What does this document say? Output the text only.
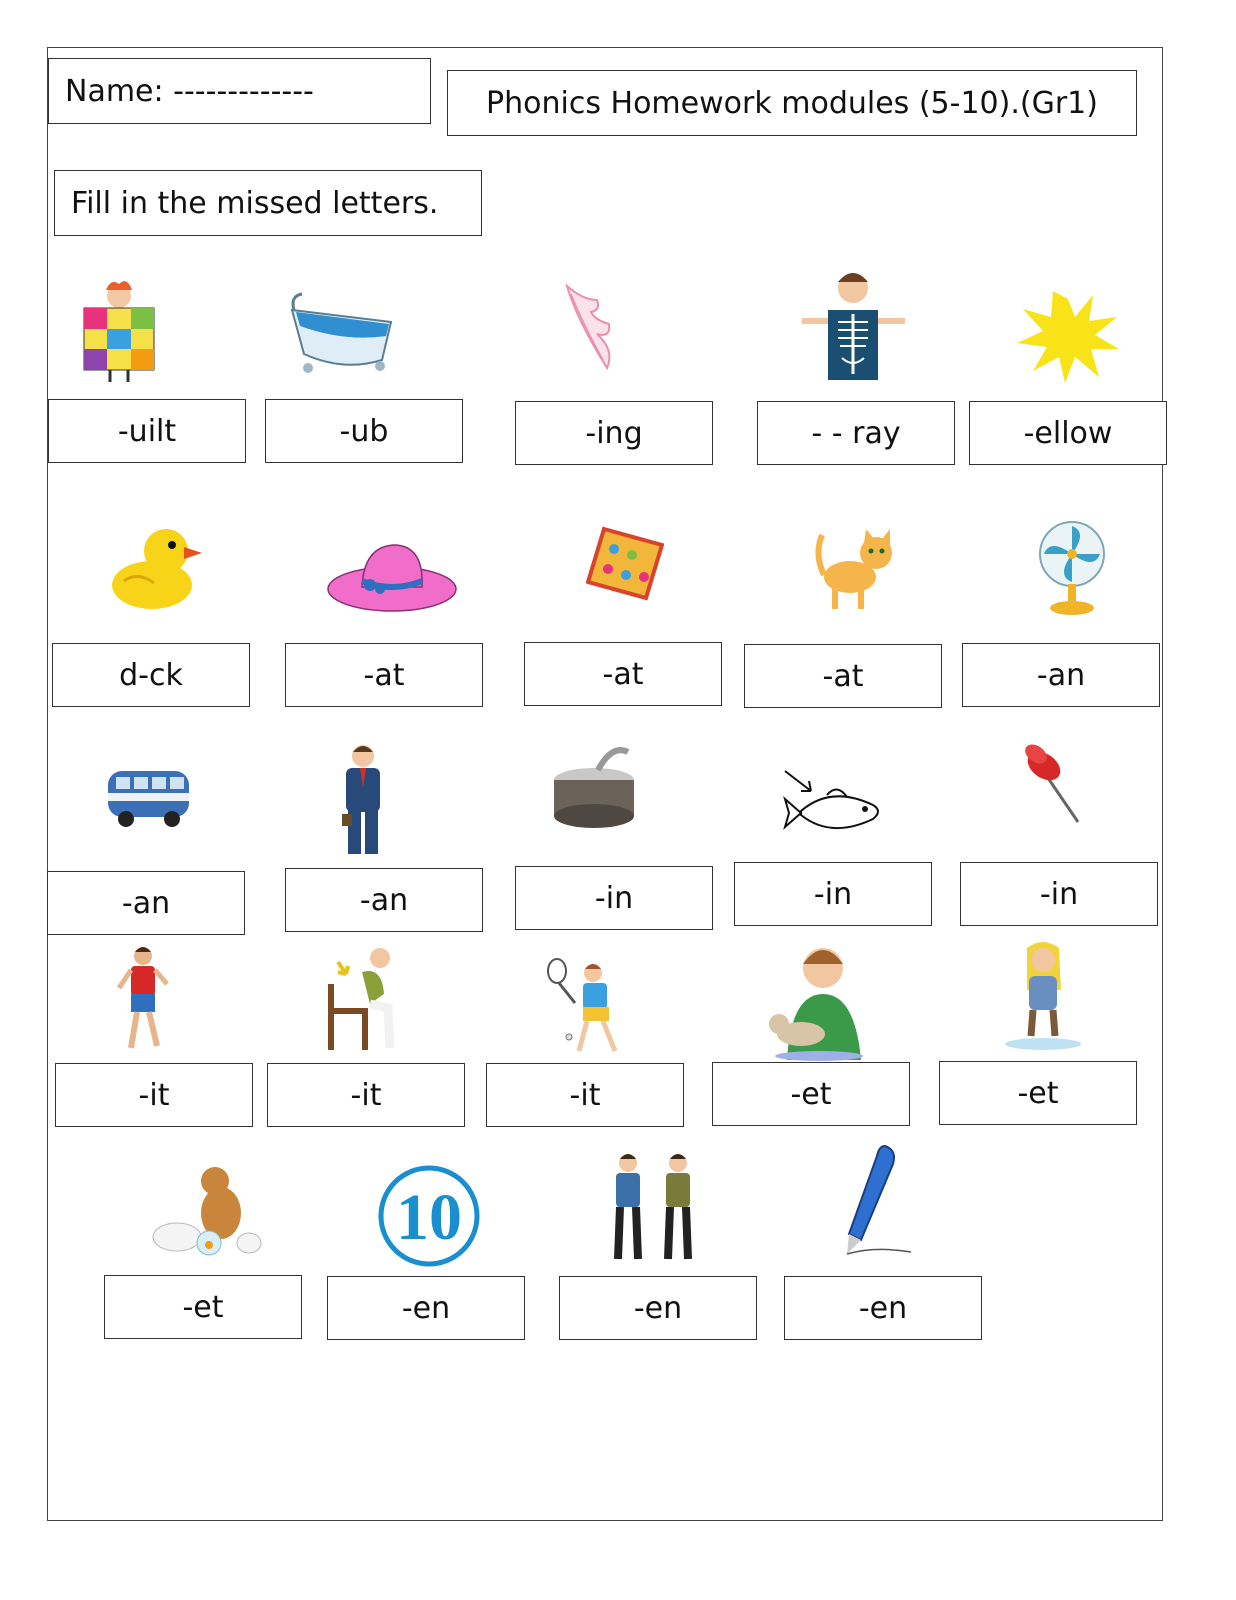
Name: -------------	Phonics Homework modules (5-10).(Gr1)
Fill in the missed letters.
-uilt	-ub	-ing	- - ray	-ellow
d-ck	-at	-at	-at	-an
-an	-an	-in	-in	-in
-it	-it	-it	-et	-et
10
-et	-en	-en	-en
